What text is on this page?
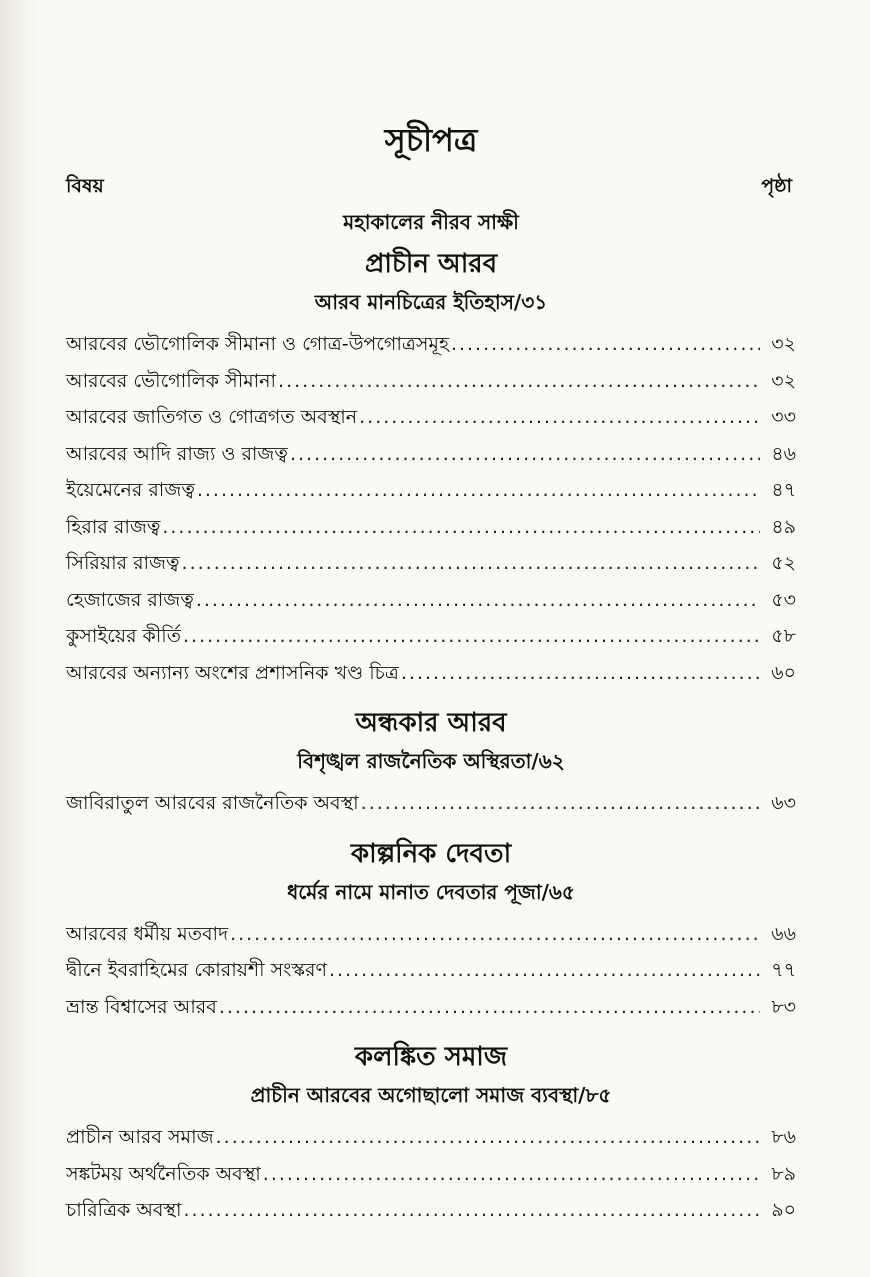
সূচীপত্র
বিষয়	পৃষ্ঠা
মহাকালের নীরব সাক্ষী
প্রাচীন আরব
আরব মানচিত্রের ইতিহাস/৩১
আরবের ভৌগোলিক সীমানা ও গোত্র-উপগোত্রসমূহ .....	৩২
আরবের ভৌগোলিক সীমানা .....	৩২
আরবের জাতিগত ও গোত্রগত অবস্থান .....	৩৩
আরবের আদি রাজ্য ও রাজত্ব .....	৪৬
ইয়েমেনের রাজত্ব .....	৪৭
হিরার রাজত্ব .....	৪৯
সিরিয়ার রাজত্ব .....	৫২
হেজাজের রাজত্ব .....	৫৩
কুসাইয়ের কীর্তি .....	৫৮
আরবের অন্যান্য অংশের প্রশাসনিক খণ্ড চিত্র .....	৬০
অন্ধকার আরব
বিশৃঙ্খল রাজনৈতিক অস্থিরতা/৬২
জাবিরাতুল আরবের রাজনৈতিক অবস্থা .....	৬৩
কাল্পনিক দেবতা
ধর্মের নামে মানাত দেবতার পূজা/৬৫
আরবের ধর্মীয় মতবাদ .....	৬৬
দ্বীনে ইবরাহিমের কোরায়শী সংস্করণ .....	৭৭
ভ্রান্ত বিশ্বাসের আরব .....	৮৩
কলঙ্কিত সমাজ
প্রাচীন আরবের অগোছালো সমাজ ব্যবস্থা/৮৫
প্রাচীন আরব সমাজ .....	৮৬
সঙ্কটময় অর্থনৈতিক অবস্থা .....	৮৯
চারিত্রিক অবস্থা .....	৯০
